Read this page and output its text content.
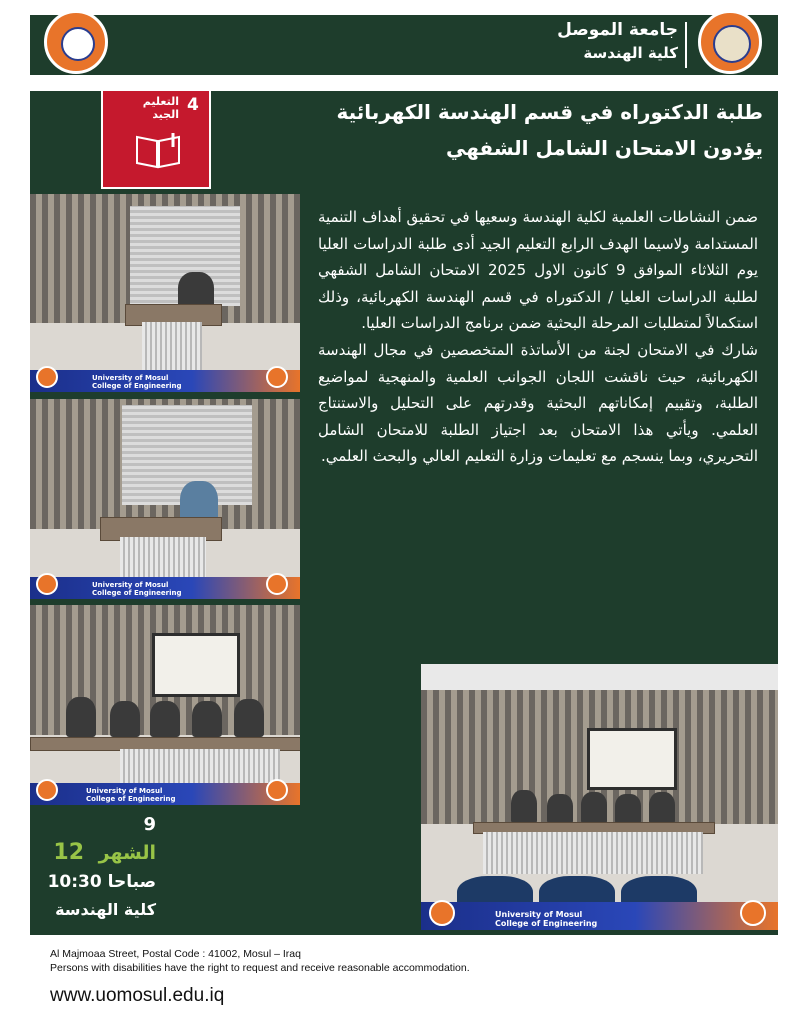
جامعة الموصل
كلية الهندسة
4
التعليم
الجيد	طلبة الدكتوراه في قسم الهندسة الكهربائية
يؤدون الامتحان الشامل الشفهي

ضمن النشاطات العلمية لكلية الهندسة وسعيها في تحقيق أهداف التنمية المستدامة ولاسيما الهدف الرابع التعليم الجيد أدى طلبة الدراسات العليا يوم الثلاثاء الموافق 9 كانون الاول 2025 الامتحان الشامل الشفهي لطلبة الدراسات العليا / الدكتوراه في قسم الهندسة الكهربائية، وذلك استكمالاً لمتطلبات المرحلة البحثية ضمن برنامج الدراسات العليا.

شارك في الامتحان لجنة من الأساتذة المتخصصين في مجال الهندسة الكهربائية، حيث ناقشت اللجان الجوانب العلمية والمنهجية لمواضيع الطلبة، وتقييم إمكاناتهم البحثية وقدرتهم على التحليل والاستنتاج العلمي. ويأتي هذا الامتحان بعد اجتياز الطلبة للامتحان الشامل التحريري، وبما ينسجم مع تعليمات وزارة التعليم العالي والبحث العلمي.

University of Mosul
College of Engineering
University of Mosul
College of Engineering
University of Mosul
College of Engineering
University of Mosul
College of Engineering
9
الشهر 12
10:30 صباحا
كلية الهندسة
Al Majmoaa Street, Postal Code : 41002, Mosul – Iraq
Persons with disabilities have the right to request and receive reasonable accommodation.
www.uomosul.edu.iq
